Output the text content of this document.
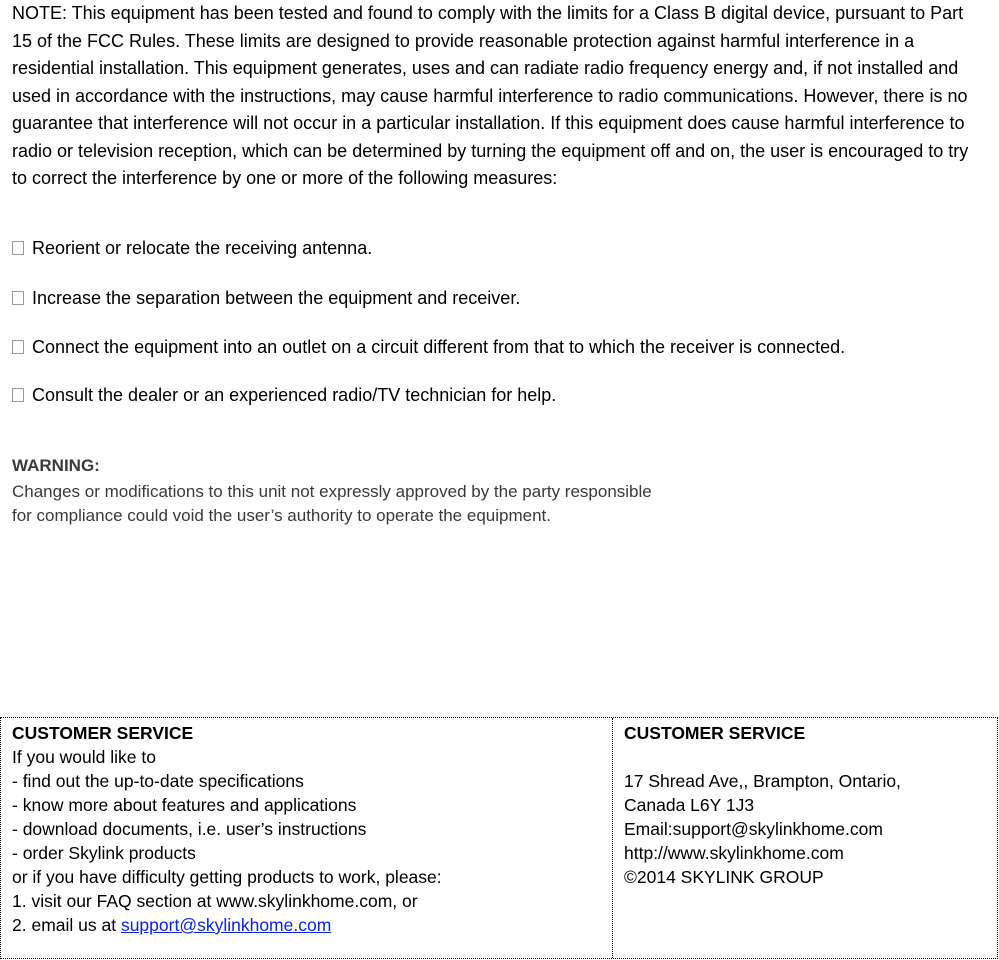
NOTE: This equipment has been tested and found to comply with the limits for a Class B digital device, pursuant to Part 15 of the FCC Rules. These limits are designed to provide reasonable protection against harmful interference in a residential installation. This equipment generates, uses and can radiate radio frequency energy and, if not installed and used in accordance with the instructions, may cause harmful interference to radio communications. However, there is no guarantee that interference will not occur in a particular installation. If this equipment does cause harmful interference to radio or television reception, which can be determined by turning the equipment off and on, the user is encouraged to try to correct the interference by one or more of the following measures:

Reorient or relocate the receiving antenna.
Increase the separation between the equipment and receiver.
Connect the equipment into an outlet on a circuit different from that to which the receiver is connected.
Consult the dealer or an experienced radio/TV technician for help.
WARNING:
Changes or modifications to this unit not expressly approved by the party responsible
for compliance could void the user’s authority to operate the equipment.
CUSTOMER SERVICE
If you would like to
- find out the up-to-date specifications
- know more about features and applications
- download documents, i.e. user’s instructions
- order Skylink products
or if you have difficulty getting products to work, please:
1. visit our FAQ section at www.skylinkhome.com, or
2. email us at support@skylinkhome.com
CUSTOMER SERVICE
17 Shread Ave,, Brampton, Ontario,
Canada L6Y 1J3
Email:support@skylinkhome.com
http://www.skylinkhome.com
©2014 SKYLINK GROUP
